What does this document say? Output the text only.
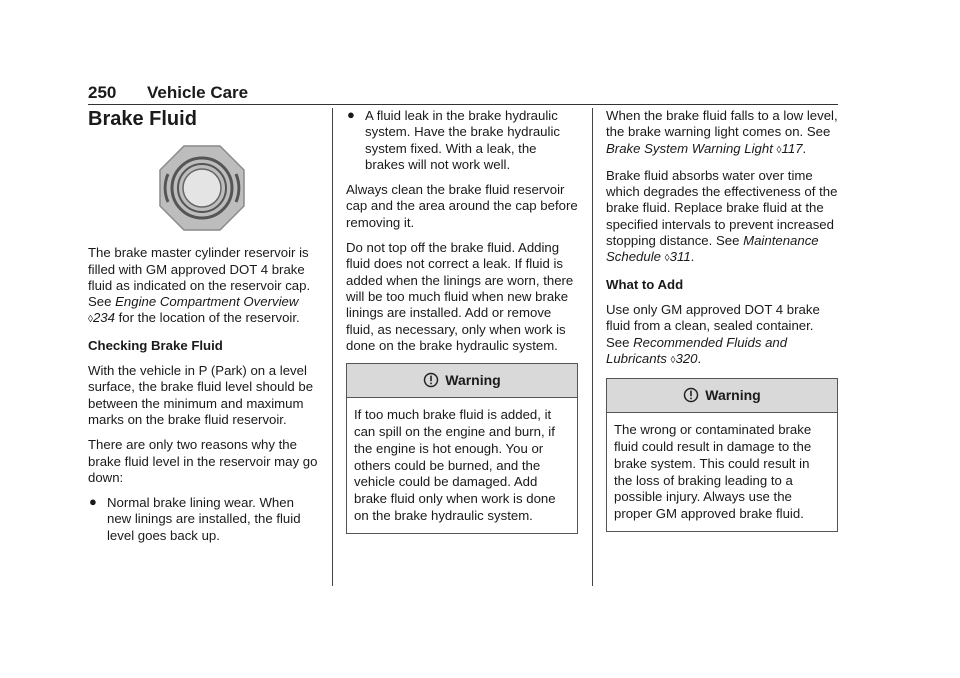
250 Vehicle Care
Brake Fluid

The brake master cylinder reservoir is filled with GM approved DOT 4 brake fluid as indicated on the reservoir cap. See Engine Compartment Overview ◊234 for the location of the reservoir.

Checking Brake Fluid

With the vehicle in P (Park) on a level surface, the brake fluid level should be between the minimum and maximum marks on the brake fluid reservoir.

There are only two reasons why the brake fluid level in the reservoir may go down:

● Normal brake lining wear. When new linings are installed, the fluid level goes back up.
● A fluid leak in the brake hydraulic system. Have the brake hydraulic system fixed. With a leak, the brakes will not work well.

Always clean the brake fluid reservoir cap and the area around the cap before removing it.

Do not top off the brake fluid. Adding fluid does not correct a leak. If fluid is added when the linings are worn, there will be too much fluid when new brake linings are installed. Add or remove fluid, as necessary, only when work is done on the brake hydraulic system.

Warning
If too much brake fluid is added, it can spill on the engine and burn, if the engine is hot enough. You or others could be burned, and the vehicle could be damaged. Add brake fluid only when work is done on the brake hydraulic system.

When the brake fluid falls to a low level, the brake warning light comes on. See Brake System Warning Light ◊117.

Brake fluid absorbs water over time which degrades the effectiveness of the brake fluid. Replace brake fluid at the specified intervals to prevent increased stopping distance. See Maintenance Schedule ◊311.

What to Add

Use only GM approved DOT 4 brake fluid from a clean, sealed container. See Recommended Fluids and Lubricants ◊320.

Warning
The wrong or contaminated brake fluid could result in damage to the brake system. This could result in the loss of braking leading to a possible injury. Always use the proper GM approved brake fluid.
